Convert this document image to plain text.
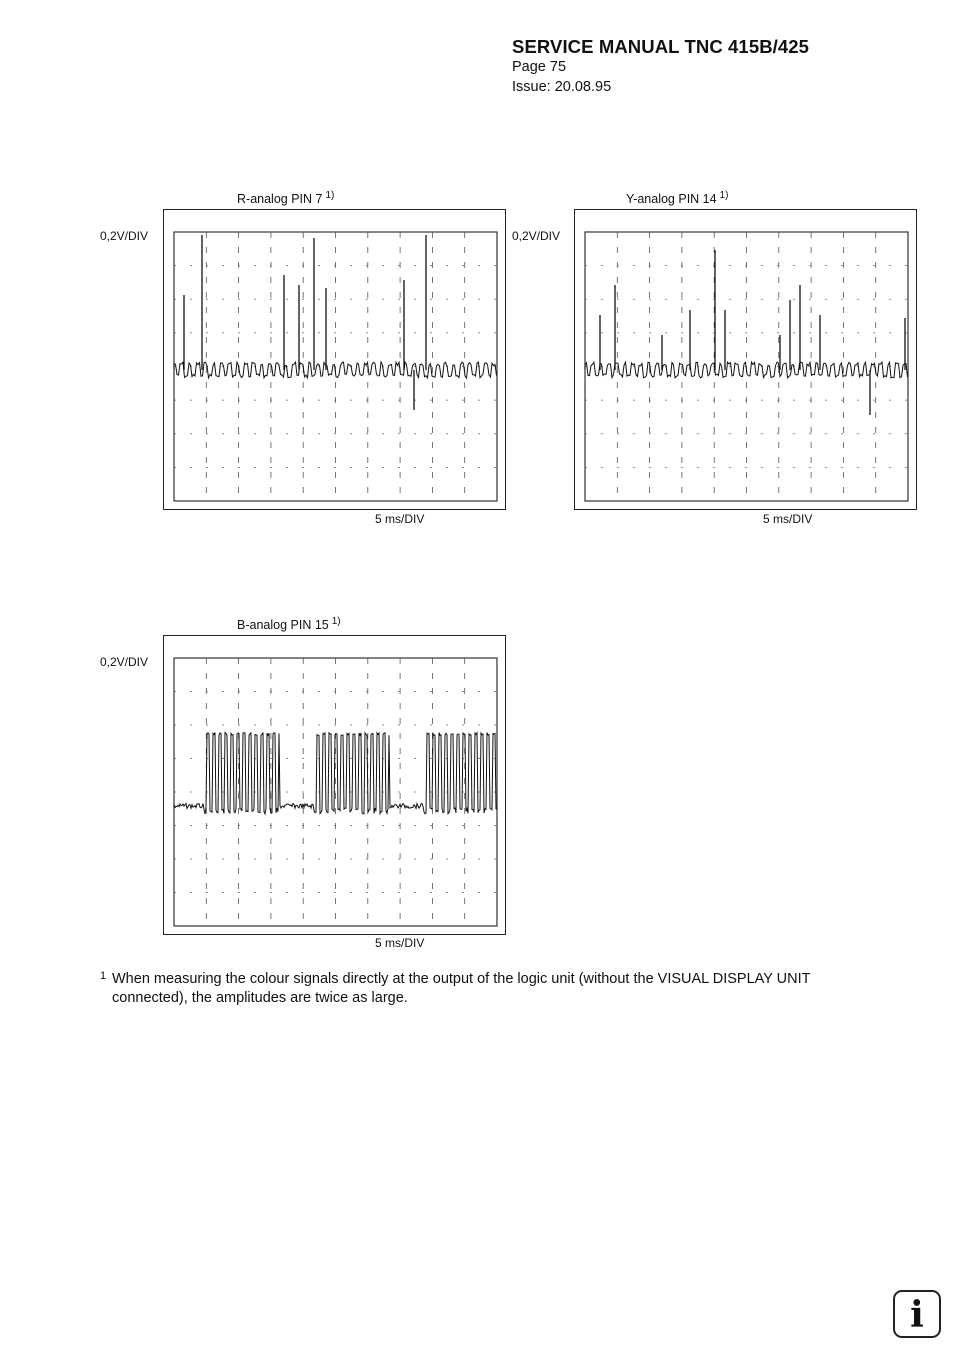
SERVICE MANUAL TNC 415B/425
Page 75
Issue: 20.08.95
R-analog PIN 7 $^{1)}$
0,2V/DIV
5 ms/DIV
Y-analog PIN 14 $^{1)}$
0,2V/DIV
5 ms/DIV
B-analog PIN 15 $^{1)}$
0,2V/DIV
5 ms/DIV
1 When measuring the colour signals directly at the output of the logic unit (without the VISUAL DISPLAY UNIT connected), the amplitudes are twice as large.
i
